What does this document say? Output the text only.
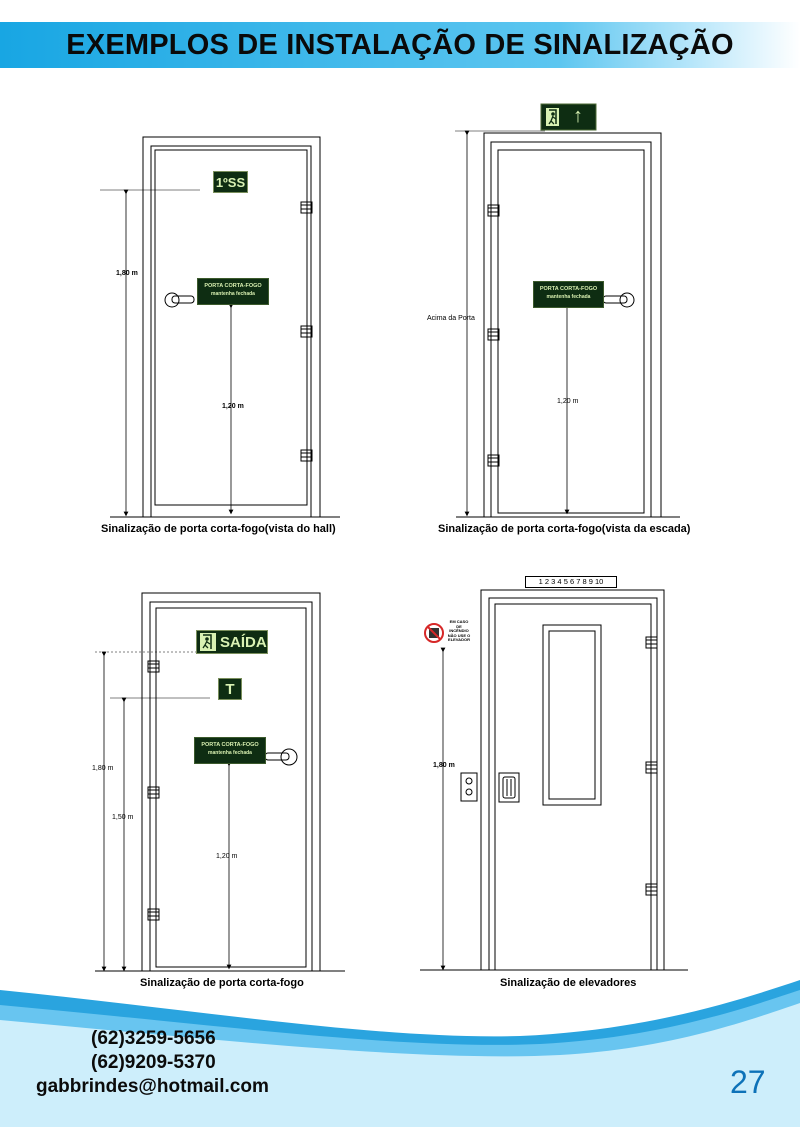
EXEMPLOS DE INSTALAÇÃO DE SINALIZAÇÃO
1ºSS
PORTA CORTA-FOGO
mantenha fechada
1,80 m
1,20 m
Sinalização de porta corta-fogo(vista do hall)
↑
PORTA CORTA-FOGO
mantenha fechada
Acima da Porta
1,20 m
Sinalização de porta corta-fogo(vista da escada)
SAÍDA
T
PORTA CORTA-FOGO
mantenha fechada
1,80 m
1,50 m
1,20 m
Sinalização de porta corta-fogo
1 2 3 4 5 6 7 8 9 10
EM CASO
DE
INCÊNDIO
NÃO USE O
ELEVADOR
1,80 m
Sinalização de elevadores
(62)3259-5656
(62)9209-5370
gabbrindes@hotmail.com	27
